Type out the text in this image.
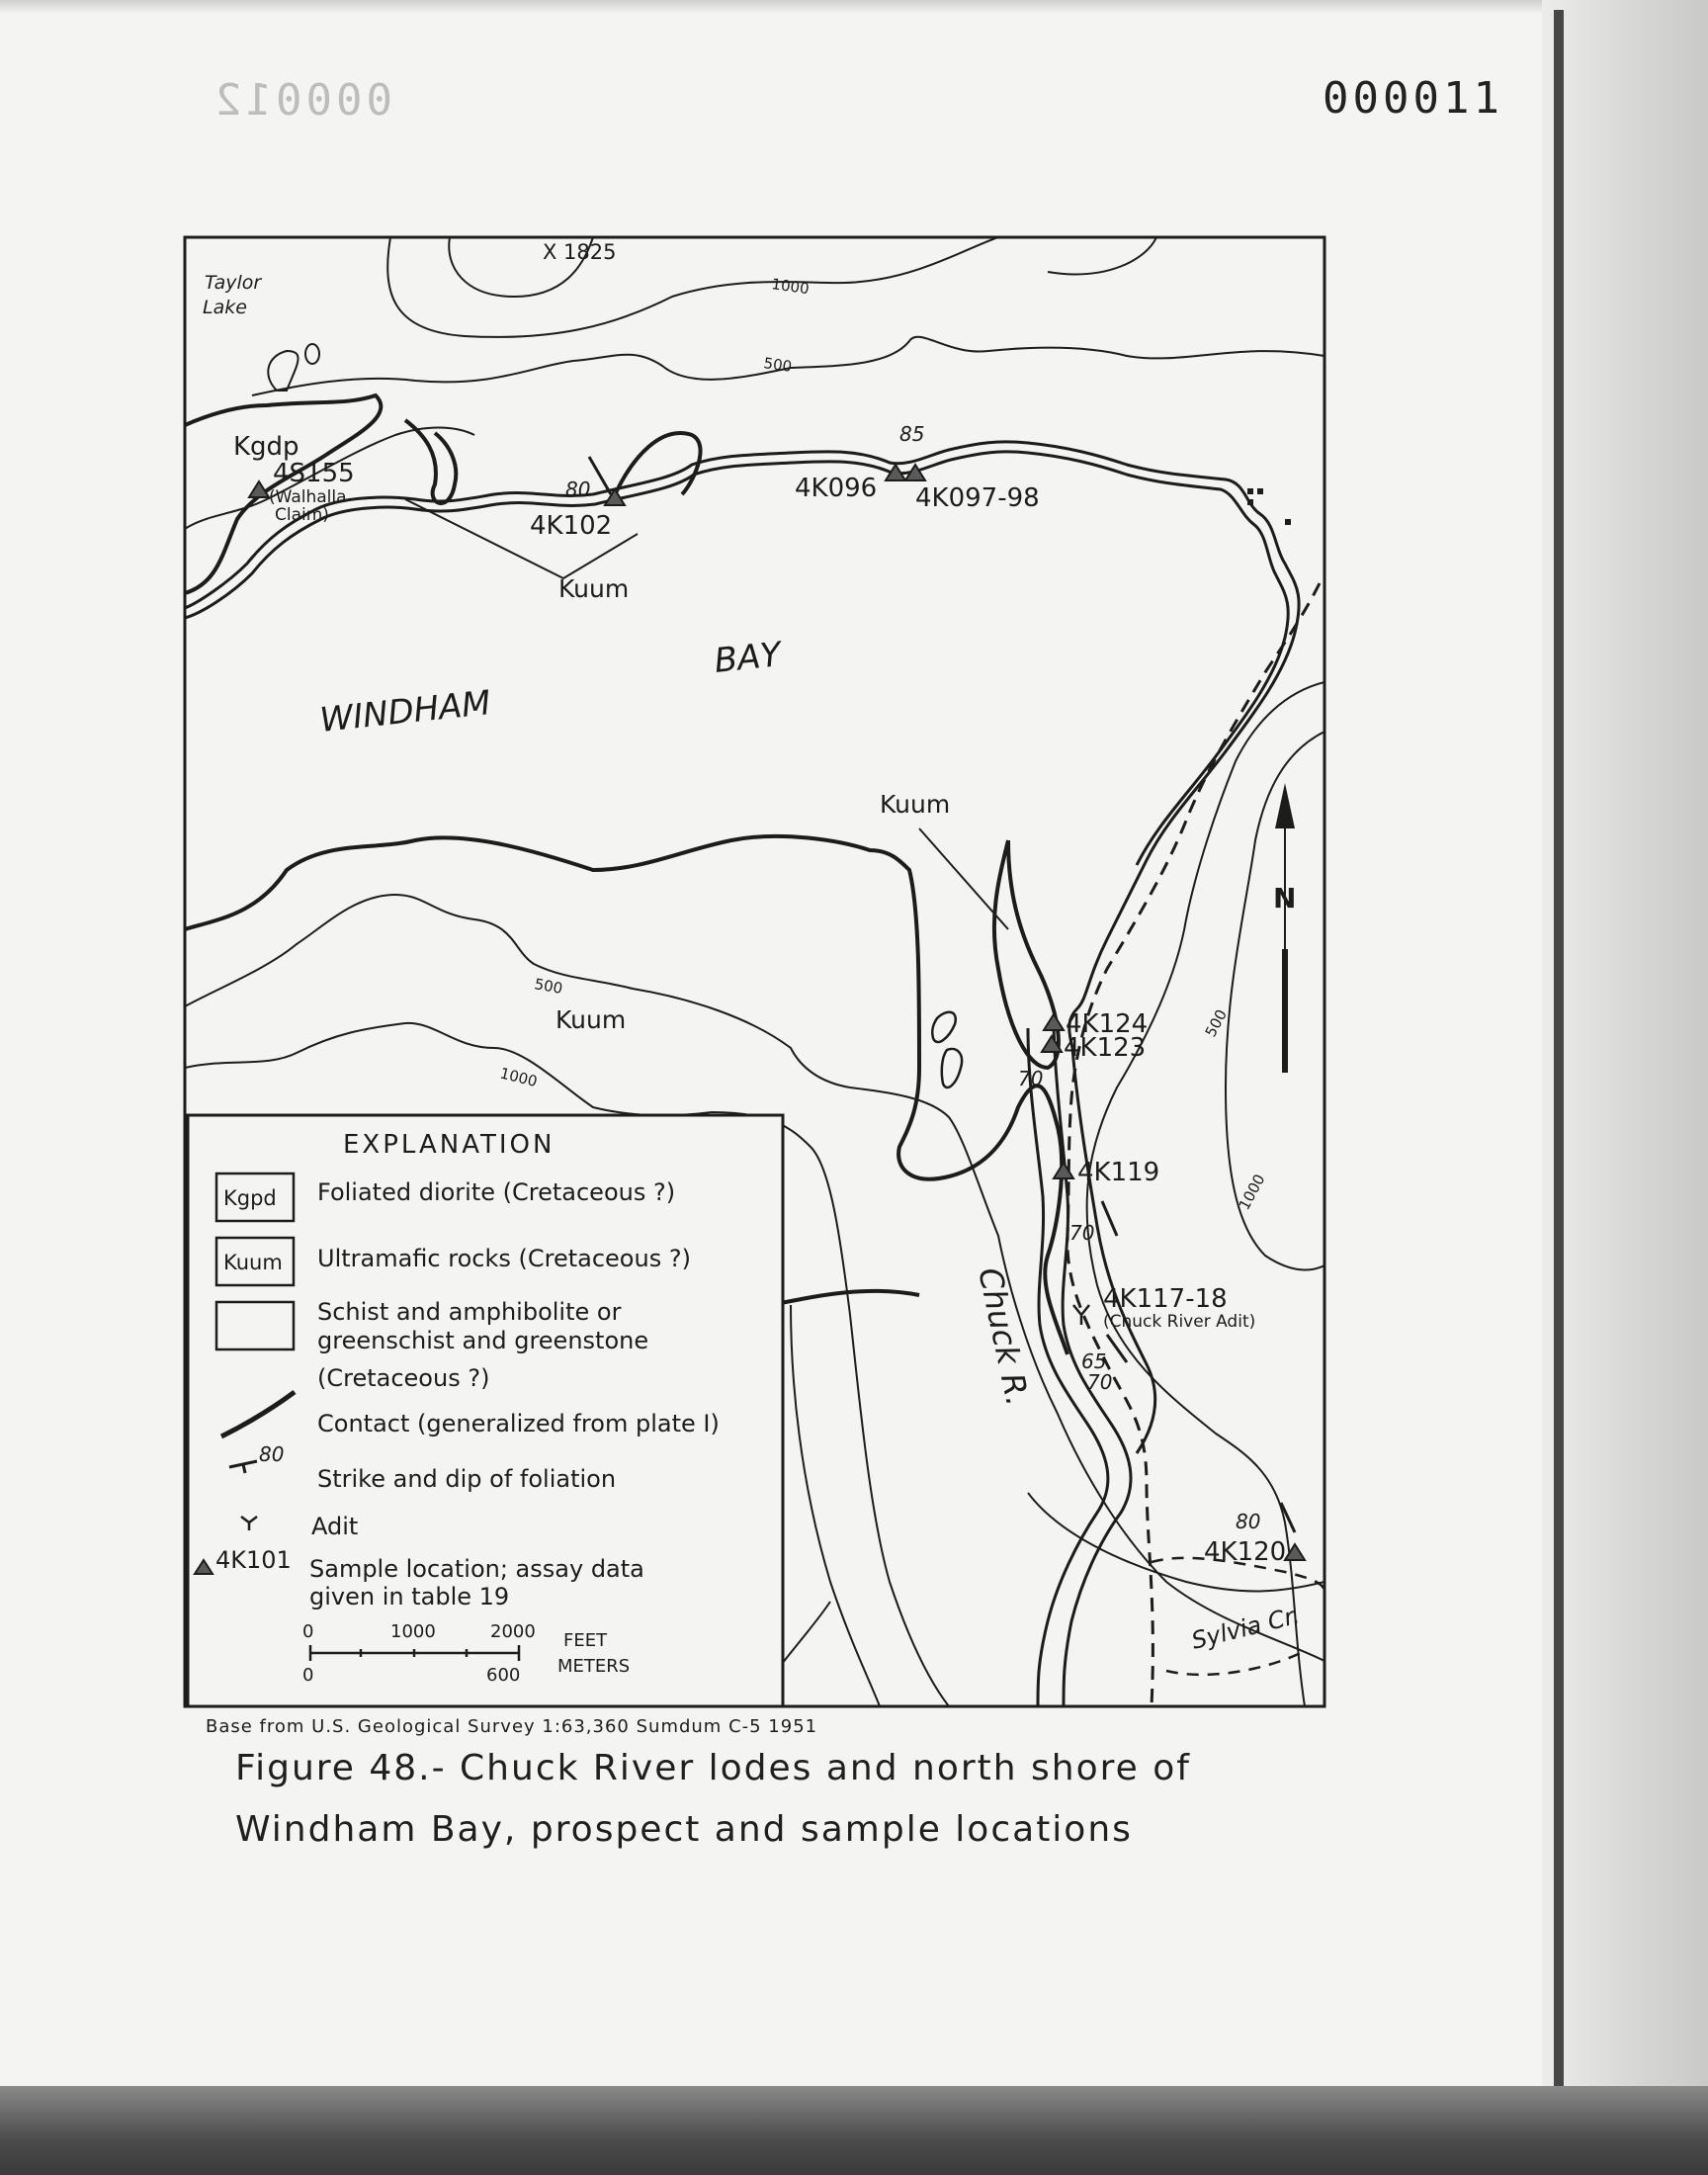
000012	000011
X 1825
Taylor
Lake
1000
500
500
1000
500
1000
Kgdp
4S155
(Walhalla
Claim)
80
4K102
Kuum
85
4K096 4K097-98
BAY
WINDHAM
Kuum
N
Kuum	4K124
4K123
70
4K119
70
Chuck R.	4K117-18
(Chuck River Adit)
65
70
80
4K120
Sylvia Cr.
EXPLANATION
Kgpd Foliated diorite (Cretaceous ?)
Kuum Ultramafic rocks (Cretaceous ?)
Schist and amphibolite or
greenschist and greenstone
(Cretaceous ?)
Contact (generalized from plate I)
80
Strike and dip of foliation
Adit
4K101 Sample location; assay data
given in table 19
0	1000	2000 FEET
0	600 METERS
Base from U.S. Geological Survey 1:63,360 Sumdum C-5 1951
Figure 48.- Chuck River lodes and north shore of
Windham Bay, prospect and sample locations
